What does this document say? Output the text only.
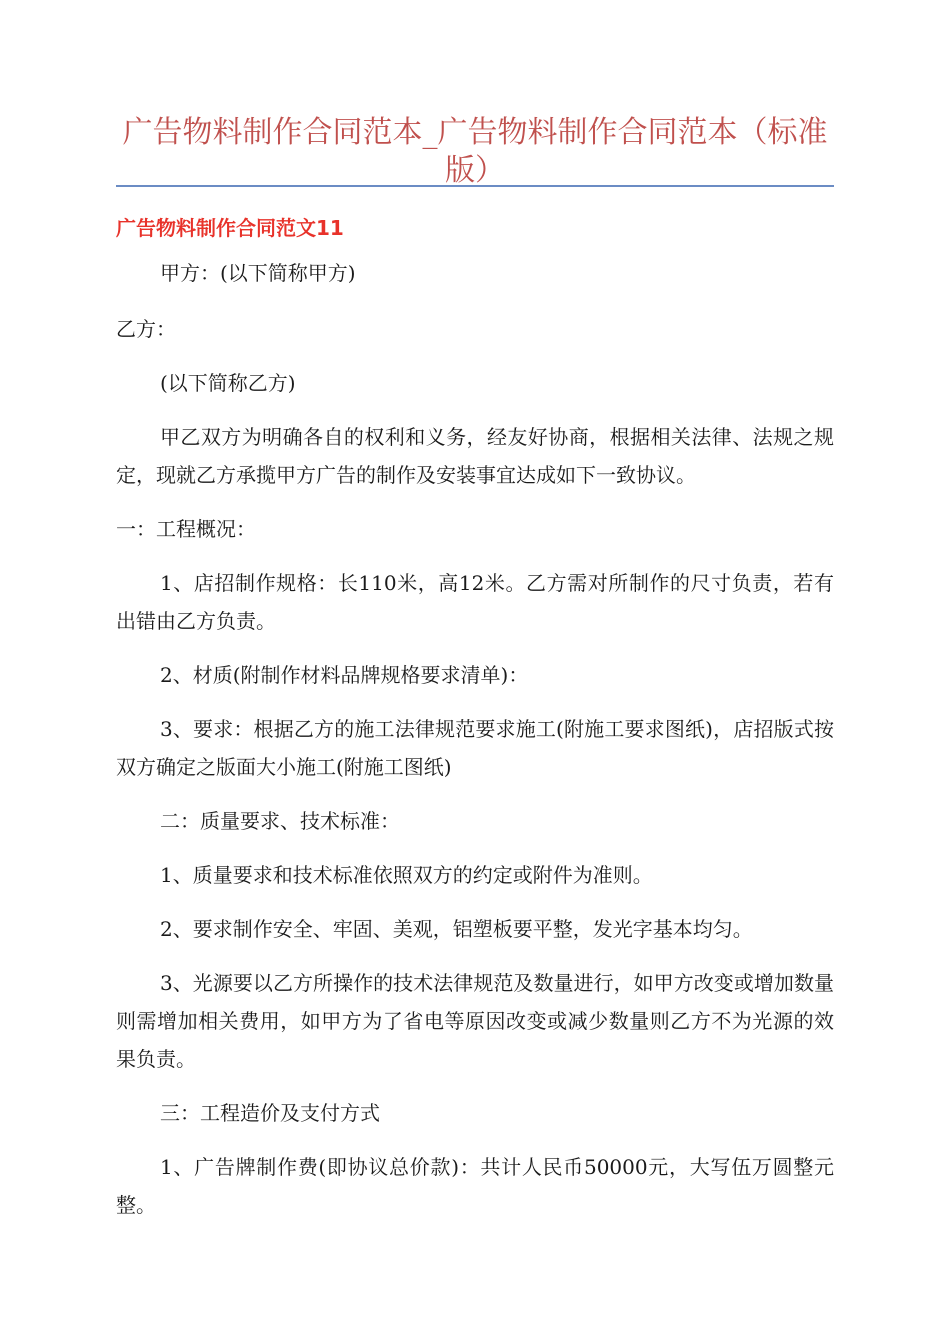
广告物料制作合同范本_广告物料制作合同范本（标准版）
广告物料制作合同范文11

甲方：(以下简称甲方)

乙方：

(以下简称乙方)

甲乙双方为明确各自的权利和义务，经友好协商，根据相关法律、法规之规定，现就乙方承揽甲方广告的制作及安装事宜达成如下一致协议。

一：工程概况：

1、店招制作规格：长110米，高12米。乙方需对所制作的尺寸负责，若有出错由乙方负责。

2、材质(附制作材料品牌规格要求清单)：

3、要求：根据乙方的施工法律规范要求施工(附施工要求图纸)，店招版式按双方确定之版面大小施工(附施工图纸)

二：质量要求、技术标准：

1、质量要求和技术标准依照双方的约定或附件为准则。

2、要求制作安全、牢固、美观，铝塑板要平整，发光字基本均匀。

3、光源要以乙方所操作的技术法律规范及数量进行，如甲方改变或增加数量则需增加相关费用，如甲方为了省电等原因改变或减少数量则乙方不为光源的效果负责。

三：工程造价及支付方式

1、广告牌制作费(即协议总价款)：共计人民币50000元，大写伍万圆整元整。
